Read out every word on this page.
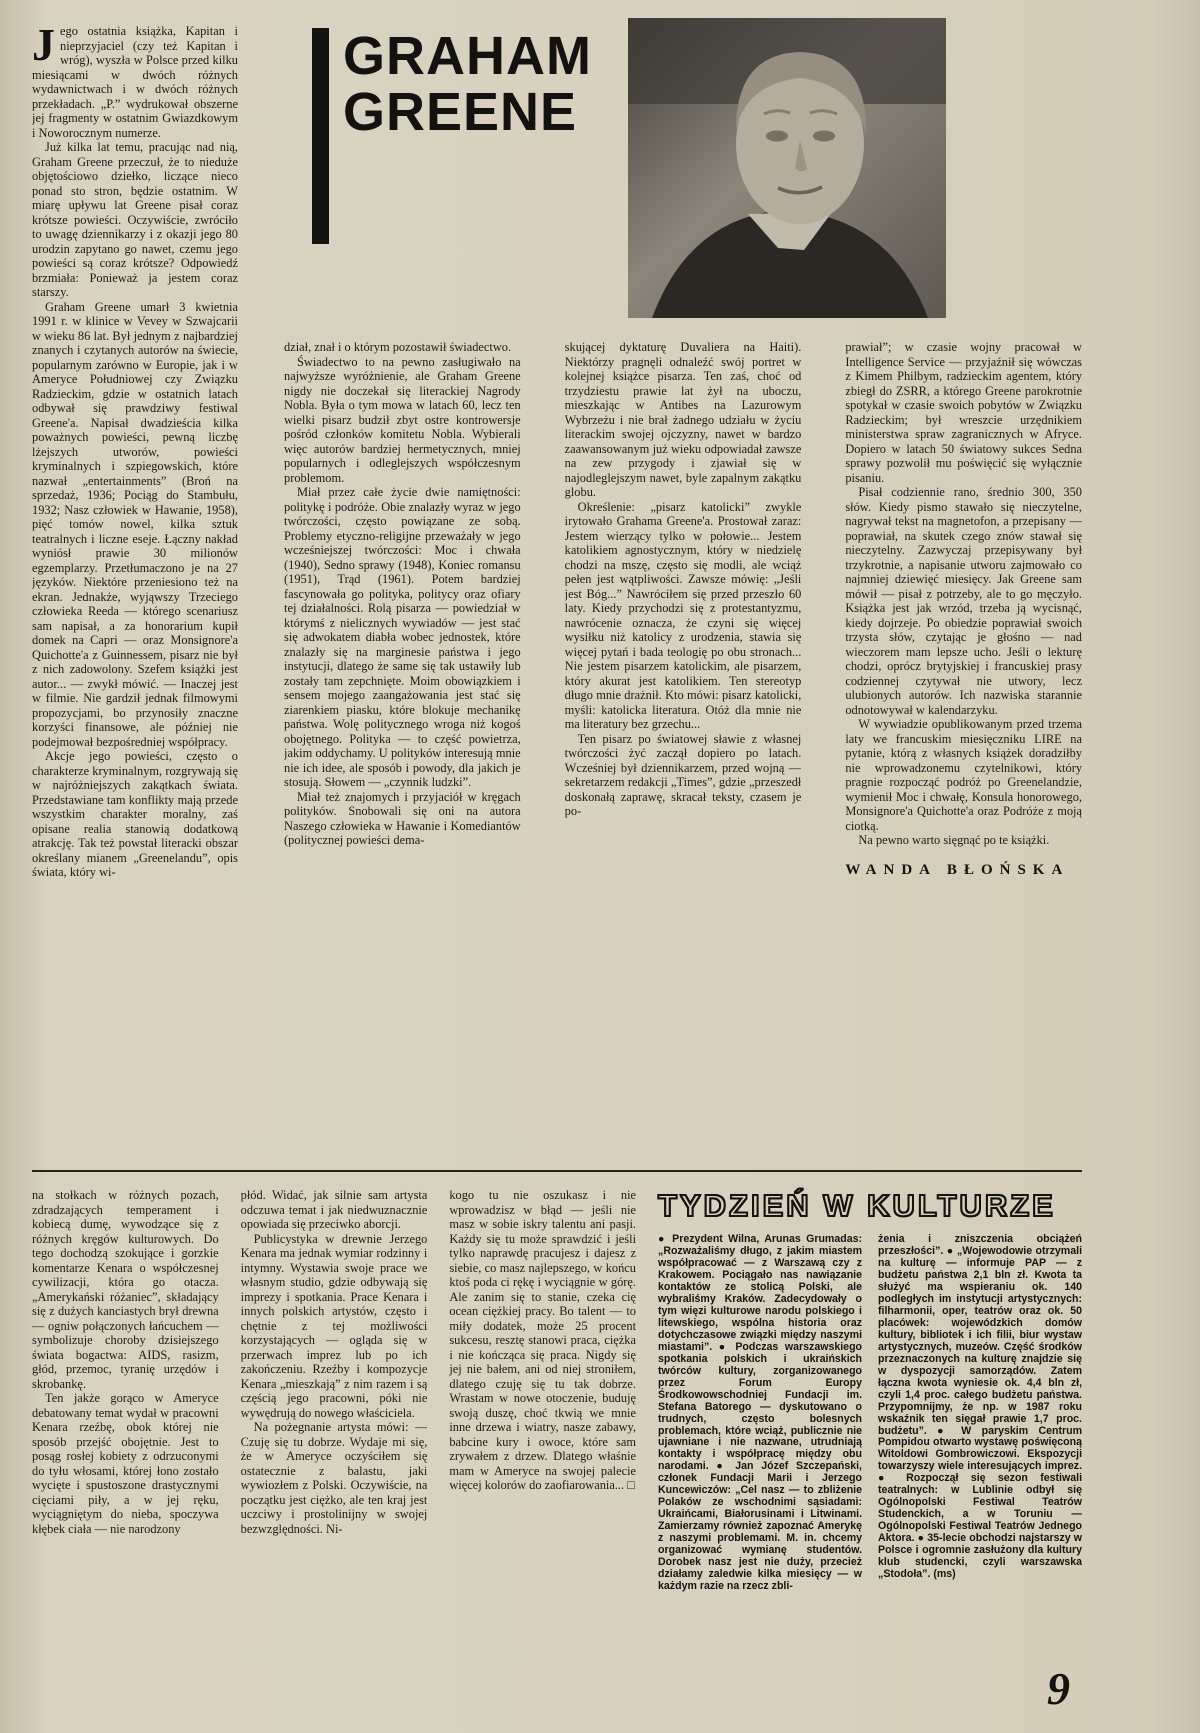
Jego ostatnia książka, Kapitan i nieprzyjaciel (czy też Kapitan i wróg), wyszła w Polsce przed kilku miesiącami w dwóch różnych wydawnictwach i w dwóch różnych przekładach. „P.” wydrukował obszerne jej fragmenty w ostatnim Gwiazdkowym i Noworocznym numerze.

Już kilka lat temu, pracując nad nią, Graham Greene przeczuł, że to nieduże objętościowo dziełko, liczące nieco ponad sto stron, będzie ostatnim. W miarę upływu lat Greene pisał coraz krótsze powieści. Oczywiście, zwróciło to uwagę dziennikarzy i z okazji jego 80 urodzin zapytano go nawet, czemu jego powieści są coraz krótsze? Odpowiedź brzmiała: Ponieważ ja jestem coraz starszy.

Graham Greene umarł 3 kwietnia 1991 r. w klinice w Vevey w Szwajcarii w wieku 86 lat. Był jednym z najbardziej znanych i czytanych autorów na świecie, popularnym zarówno w Europie, jak i w Ameryce Południowej czy Związku Radzieckim, gdzie w ostatnich latach odbywał się prawdziwy festiwal Greene'a. Napisał dwadzieścia kilka poważnych powieści, pewną liczbę lżejszych utworów, powieści kryminalnych i szpiegowskich, które nazwał „entertainments” (Broń na sprzedaż, 1936; Pociąg do Stambułu, 1932; Nasz człowiek w Hawanie, 1958), pięć tomów nowel, kilka sztuk teatralnych i liczne eseje. Łączny nakład wyniósł prawie 30 milionów egzemplarzy. Przetłumaczono je na 27 języków. Niektóre przeniesiono też na ekran. Jednakże, wyjąwszy Trzeciego człowieka Reeda — którego scenariusz sam napisał, a za honorarium kupił domek na Capri — oraz Monsignore'a Quichotte'a z Guinnessem, pisarz nie był z nich zadowolony. Szefem książki jest autor... — zwykł mówić. — Inaczej jest w filmie. Nie gardził jednak filmowymi propozycjami, bo przynosiły znaczne korzyści finansowe, ale później nie podejmował bezpośredniej współpracy.

Akcje jego powieści, często o charakterze kryminalnym, rozgrywają się w najróżniejszych zakątkach świata. Przedstawiane tam konflikty mają przede wszystkim charakter moralny, zaś opisane realia stanowią dodatkową atrakcję. Tak też powstał literacki obszar określany mianem „Greenelandu”, opis świata, który wi-

GRAHAM
GREENE

dział, znał i o którym pozostawił świadectwo.

Świadectwo to na pewno zasługiwało na najwyższe wyróżnienie, ale Graham Greene nigdy nie doczekał się literackiej Nagrody Nobla. Była o tym mowa w latach 60, lecz ten wielki pisarz budził zbyt ostre kontrowersje pośród członków komitetu Nobla. Wybierali więc autorów bardziej hermetycznych, mniej popularnych i odleglejszych współczesnym problemom.

Miał przez całe życie dwie namiętności: politykę i podróże. Obie znalazły wyraz w jego twórczości, często powiązane ze sobą. Problemy etyczno-religijne przeważały w jego wcześniejszej twórczości: Moc i chwała (1940), Sedno sprawy (1948), Koniec romansu (1951), Trąd (1961). Potem bardziej fascynowała go polityka, politycy oraz ofiary tej działalności. Rolą pisarza — powiedział w którymś z nielicznych wywiadów — jest stać się adwokatem diabła wobec jednostek, które znalazły się na marginesie państwa i jego instytucji, dlatego że same się tak ustawiły lub zostały tam zepchnięte. Moim obowiązkiem i sensem mojego zaangażowania jest stać się ziarenkiem piasku, które blokuje mechanikę państwa. Wolę politycznego wroga niż kogoś obojętnego. Polityka — to część powietrza, jakim oddychamy. U polityków interesują mnie nie ich idee, ale sposób i powody, dla jakich je stosują. Słowem — „czynnik ludzki”.

Miał też znajomych i przyjaciół w kręgach polityków. Snobowali się oni na autora Naszego człowieka w Hawanie i Komediantów (politycznej powieści dema-

skującej dyktaturę Duvaliera na Haiti). Niektórzy pragnęli odnaleźć swój portret w kolejnej książce pisarza. Ten zaś, choć od trzydziestu prawie lat żył na uboczu, mieszkając w Antibes na Lazurowym Wybrzeżu i nie brał żadnego udziału w życiu literackim swojej ojczyzny, nawet w bardzo zaawansowanym już wieku odpowiadał zawsze na zew przygody i zjawiał się w najodleglejszym nawet, byle zapalnym zakątku globu.

Określenie: „pisarz katolicki” zwykle irytowało Grahama Greene'a. Prostował zaraz: Jestem wierzący tylko w połowie... Jestem katolikiem agnostycznym, który w niedzielę chodzi na mszę, często się modli, ale wciąż pełen jest wątpliwości. Zawsze mówię: „Jeśli jest Bóg...” Nawróciłem się przed przeszło 60 laty. Kiedy przychodzi się z protestantyzmu, nawrócenie oznacza, że czyni się więcej wysiłku niż katolicy z urodzenia, stawia się więcej pytań i bada teologię po obu stronach... Nie jestem pisarzem katolickim, ale pisarzem, który akurat jest katolikiem. Ten stereotyp długo mnie drażnił. Kto mówi: pisarz katolicki, myśli: katolicka literatura. Otóż dla mnie nie ma literatury bez grzechu...

Ten pisarz po światowej sławie z własnej twórczości żyć zaczął dopiero po latach. Wcześniej był dziennikarzem, przed wojną — sekretarzem redakcji „Times”, gdzie „przeszedł doskonałą zaprawę, skracał teksty, czasem je po-

prawiał”; w czasie wojny pracował w Intelligence Service — przyjaźnił się wówczas z Kimem Philbym, radzieckim agentem, który zbiegł do ZSRR, a którego Greene parokrotnie spotykał w czasie swoich pobytów w Związku Radzieckim; był wreszcie urzędnikiem ministerstwa spraw zagranicznych w Afryce. Dopiero w latach 50 światowy sukces Sedna sprawy pozwolił mu poświęcić się wyłącznie pisaniu.

Pisał codziennie rano, średnio 300, 350 słów. Kiedy pismo stawało się nieczytelne, nagrywał tekst na magnetofon, a przepisany — poprawiał, na skutek czego znów stawał się nieczytelny. Zazwyczaj przepisywany był trzykrotnie, a napisanie utworu zajmowało co najmniej dziewięć miesięcy. Jak Greene sam mówił — pisał z potrzeby, ale to go męczyło. Książka jest jak wrzód, trzeba ją wycisnąć, kiedy dojrzeje. Po obiedzie poprawiał swoich trzysta słów, czytając je głośno — nad wieczorem mam lepsze ucho. Jeśli o lekturę chodzi, oprócz brytyjskiej i francuskiej prasy codziennej czytywał nie utwory, lecz ulubionych autorów. Ich nazwiska starannie odnotowywał w kalendarzyku.

W wywiadzie opublikowanym przed trzema laty we francuskim miesięczniku LIRE na pytanie, którą z własnych książek doradziłby nie wprowadzonemu czytelnikowi, który pragnie rozpocząć podróż po Greenelandzie, wymienił Moc i chwałę, Konsula honorowego, Monsignore'a Quichotte'a oraz Podróże z moją ciotką.

Na pewno warto sięgnąć po te książki.

WANDA BŁOŃSKA

na stołkach w różnych pozach, zdradzających temperament i kobiecą dumę, wywodzące się z różnych kręgów kulturowych. Do tego dochodzą szokujące i gorzkie komentarze Kenara o współczesnej cywilizacji, która go otacza. „Amerykański różaniec”, składający się z dużych kanciastych brył drewna — ogniw połączonych łańcuchem — symbolizuje choroby dzisiejszego świata bogactwa: AIDS, rasizm, głód, przemoc, tyranię urzędów i skrobankę.

Ten jakże gorąco w Ameryce debatowany temat wydał w pracowni Kenara rzeźbę, obok której nie sposób przejść obojętnie. Jest to posąg rosłej kobiety z odrzuconymi do tyłu włosami, której łono zostało wycięte i spustoszone drastycznymi cięciami piły, a w jej ręku, wyciągniętym do nieba, spoczywa kłębek ciała — nie narodzony

płód. Widać, jak silnie sam artysta odczuwa temat i jak niedwuznacznie opowiada się przeciwko aborcji.

Publicystyka w drewnie Jerzego Kenara ma jednak wymiar rodzinny i intymny. Wystawia swoje prace we własnym studio, gdzie odbywają się imprezy i spotkania. Prace Kenara i innych polskich artystów, często i chętnie z tej możliwości korzystających — ogląda się w przerwach imprez lub po ich zakończeniu. Rzeźby i kompozycje Kenara „mieszkają” z nim razem i są częścią jego pracowni, póki nie wywędrują do nowego właściciela.

Na pożegnanie artysta mówi: — Czuję się tu dobrze. Wydaje mi się, że w Ameryce oczyściłem się ostatecznie z balastu, jaki wywiozłem z Polski. Oczywiście, na początku jest ciężko, ale ten kraj jest uczciwy i prostolinijny w swojej bezwzględności. Ni-

kogo tu nie oszukasz i nie wprowadzisz w błąd — jeśli nie masz w sobie iskry talentu ani pasji. Każdy się tu może sprawdzić i jeśli tylko naprawdę pracujesz i dajesz z siebie, co masz najlepszego, w końcu ktoś poda ci rękę i wyciągnie w górę. Ale zanim się to stanie, czeka cię ocean ciężkiej pracy. Bo talent — to miły dodatek, może 25 procent sukcesu, resztę stanowi praca, ciężka i nie kończąca się praca. Nigdy się jej nie bałem, ani od niej stroniłem, dlatego czuję się tu tak dobrze. Wrastam w nowe otoczenie, buduję swoją duszę, choć tkwią we mnie inne drzewa i wiatry, nasze zabawy, babcine kury i owoce, które sam zrywałem z drzew. Dlatego właśnie mam w Ameryce na swojej palecie więcej kolorów do zaofiarowania... □

TYDZIEŃ W KULTURZE

● Prezydent Wilna, Arunas Grumadas: „Rozważaliśmy długo, z jakim miastem współpracować — z Warszawą czy z Krakowem. Pociągało nas nawiązanie kontaktów ze stolicą Polski, ale wybraliśmy Kraków. Zadecydowały o tym więzi kulturowe narodu polskiego i litewskiego, wspólna historia oraz dotychczasowe związki między naszymi miastami”. ● Podczas warszawskiego spotkania polskich i ukraińskich twórców kultury, zorganizowanego przez Forum Europy Środkowowschodniej Fundacji im. Stefana Batorego — dyskutowano o trudnych, często bolesnych problemach, które wciąż, publicznie nie ujawniane i nie nazwane, utrudniają kontakty i współpracę między obu narodami. ● Jan Józef Szczepański, członek Fundacji Marii i Jerzego Kuncewiczów: „Cel nasz — to zbliżenie Polaków ze wschodnimi sąsiadami: Ukraińcami, Białorusinami i Litwinami. Zamierzamy również zapoznać Amerykę z naszymi problemami. M. in. chcemy organizować wymianę studentów. Dorobek nasz jest nie duży, przecież działamy zaledwie kilka miesięcy — w każdym razie na rzecz zbli-

żenia i zniszczenia obciążeń przeszłości”. ● „Wojewodowie otrzymali na kulturę — informuje PAP — z budżetu państwa 2,1 bln zł. Kwota ta służyć ma wspieraniu ok. 140 podległych im instytucji artystycznych: filharmonii, oper, teatrów oraz ok. 50 placówek: wojewódzkich domów kultury, bibliotek i ich filii, biur wystaw artystycznych, muzeów. Część środków przeznaczonych na kulturę znajdzie się w dyspozycji samorządów. Zatem łączna kwota wyniesie ok. 4,4 bln zł, czyli 1,4 proc. całego budżetu państwa. Przypomnijmy, że np. w 1987 roku wskaźnik ten sięgał prawie 1,7 proc. budżetu”. ● W paryskim Centrum Pompidou otwarto wystawę poświęconą Witoldowi Gombrowiczowi. Ekspozycji towarzyszy wiele interesujących imprez. ● Rozpoczął się sezon festiwali teatralnych: w Lublinie odbył się Ogólnopolski Festiwal Teatrów Studenckich, a w Toruniu — Ogólnopolski Festiwal Teatrów Jednego Aktora. ● 35-lecie obchodzi najstarszy w Polsce i ogromnie zasłużony dla kultury klub studencki, czyli warszawska „Stodoła”. (ms)

9
